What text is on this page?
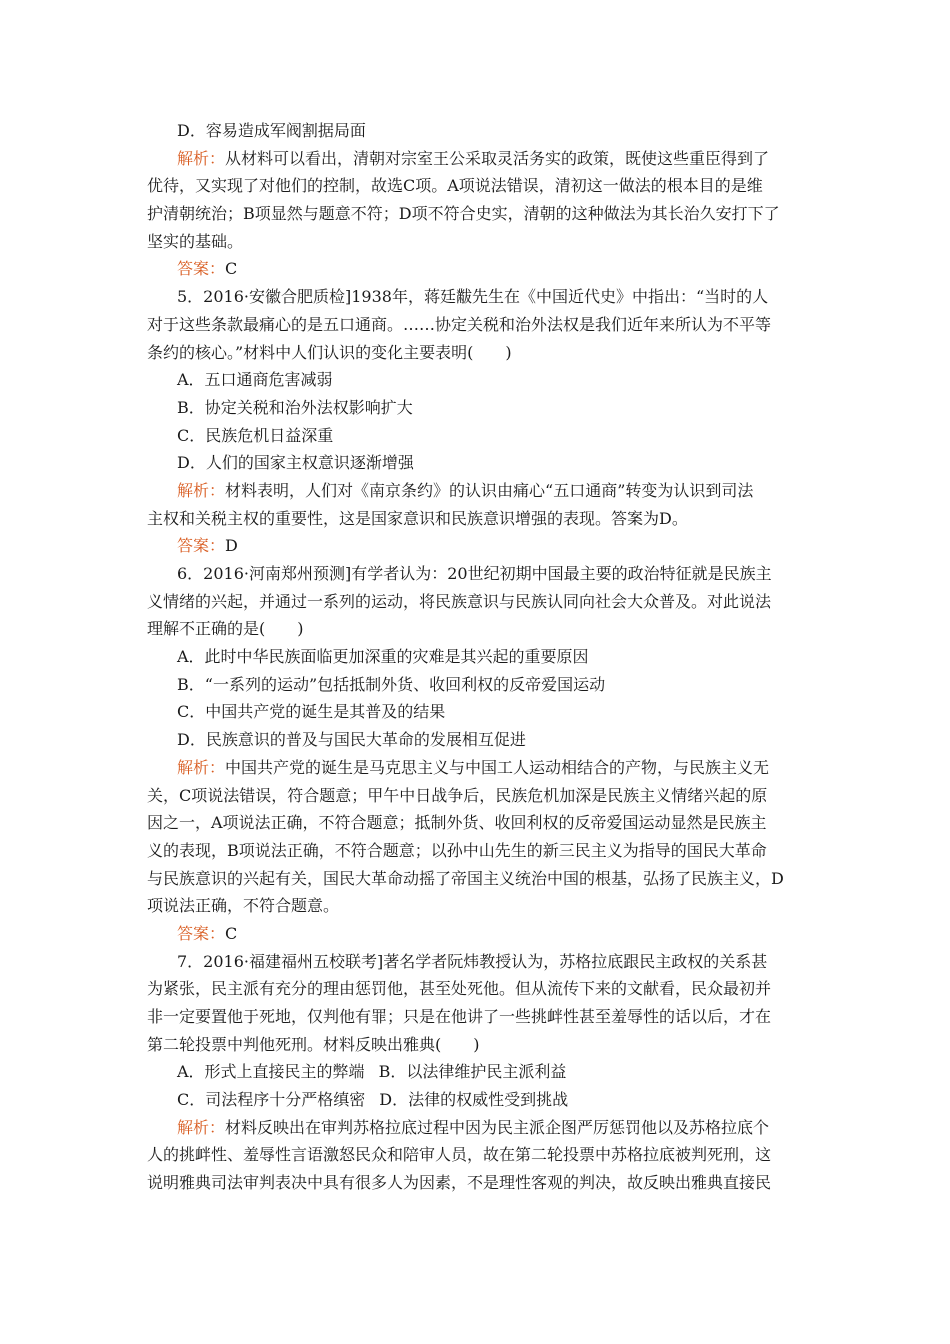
D．容易造成军阀割据局面
解析：从材料可以看出，清朝对宗室王公采取灵活务实的政策，既使这些重臣得到了
优待，又实现了对他们的控制，故选C项。A项说法错误，清初这一做法的根本目的是维
护清朝统治；B项显然与题意不符；D项不符合史实，清朝的这种做法为其长治久安打下了
坚实的基础。
答案：C
5．2016·安徽合肥质检]1938年，蒋廷黻先生在《中国近代史》中指出：“当时的人
对于这些条款最痛心的是五口通商。……协定关税和治外法权是我们近年来所认为不平等
条约的核心。”材料中人们认识的变化主要表明(　　)
A．五口通商危害减弱
B．协定关税和治外法权影响扩大
C．民族危机日益深重
D．人们的国家主权意识逐渐增强
解析：材料表明，人们对《南京条约》的认识由痛心“五口通商”转变为认识到司法
主权和关税主权的重要性，这是国家意识和民族意识增强的表现。答案为D。
答案：D
6．2016·河南郑州预测]有学者认为：20世纪初期中国最主要的政治特征就是民族主
义情绪的兴起，并通过一系列的运动，将民族意识与民族认同向社会大众普及。对此说法
理解不正确的是(　　)
A．此时中华民族面临更加深重的灾难是其兴起的重要原因
B．“一系列的运动”包括抵制外货、收回利权的反帝爱国运动
C．中国共产党的诞生是其普及的结果
D．民族意识的普及与国民大革命的发展相互促进
解析：中国共产党的诞生是马克思主义与中国工人运动相结合的产物，与民族主义无
关，C项说法错误，符合题意；甲午中日战争后，民族危机加深是民族主义情绪兴起的原
因之一，A项说法正确，不符合题意；抵制外货、收回利权的反帝爱国运动显然是民族主
义的表现，B项说法正确，不符合题意；以孙中山先生的新三民主义为指导的国民大革命
与民族意识的兴起有关，国民大革命动摇了帝国主义统治中国的根基，弘扬了民族主义，D
项说法正确，不符合题意。
答案：C
7．2016·福建福州五校联考]著名学者阮炜教授认为，苏格拉底跟民主政权的关系甚
为紧张，民主派有充分的理由惩罚他，甚至处死他。但从流传下来的文献看，民众最初并
非一定要置他于死地，仅判他有罪；只是在他讲了一些挑衅性甚至羞辱性的话以后，才在
第二轮投票中判他死刑。材料反映出雅典(　　)
A．形式上直接民主的弊端 B．以法律维护民主派利益
C．司法程序十分严格缜密 D．法律的权威性受到挑战
解析：材料反映出在审判苏格拉底过程中因为民主派企图严厉惩罚他以及苏格拉底个
人的挑衅性、羞辱性言语激怒民众和陪审人员，故在第二轮投票中苏格拉底被判死刑，这
说明雅典司法审判表决中具有很多人为因素，不是理性客观的判决，故反映出雅典直接民
